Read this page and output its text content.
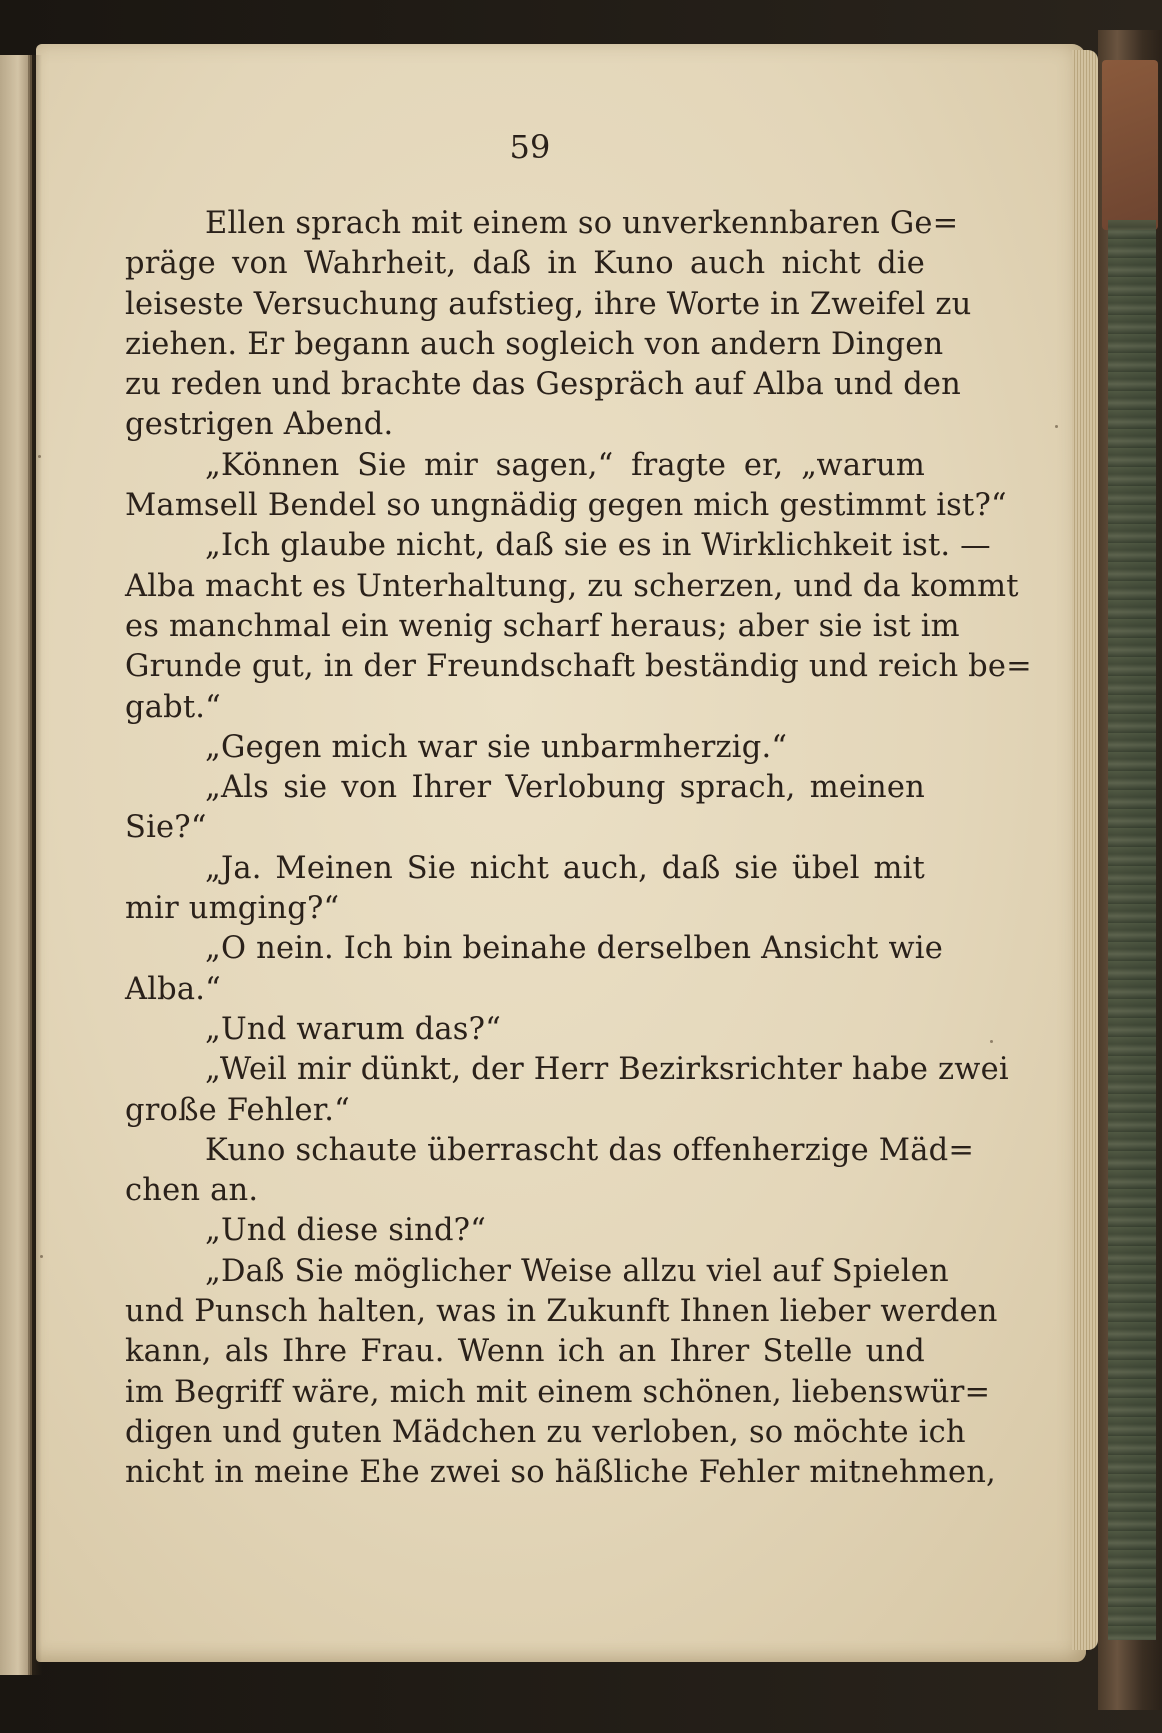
59
Ellen sprach mit einem so unverkennbaren Ge=
präge von Wahrheit, daß in Kuno auch nicht die
leiseste Versuchung aufstieg, ihre Worte in Zweifel zu
ziehen. Er begann auch sogleich von andern Dingen
zu reden und brachte das Gespräch auf Alba und den
gestrigen Abend.
„Können Sie mir sagen,“ fragte er, „warum
Mamsell Bendel so ungnädig gegen mich gestimmt ist?“
„Ich glaube nicht, daß sie es in Wirklichkeit ist. —
Alba macht es Unterhaltung, zu scherzen, und da kommt
es manchmal ein wenig scharf heraus; aber sie ist im
Grunde gut, in der Freundschaft beständig und reich be=
gabt.“
„Gegen mich war sie unbarmherzig.“
„Als sie von Ihrer Verlobung sprach, meinen
Sie?“
„Ja. Meinen Sie nicht auch, daß sie übel mit
mir umging?“
„O nein. Ich bin beinahe derselben Ansicht wie
Alba.“
„Und warum das?“
„Weil mir dünkt, der Herr Bezirksrichter habe zwei
große Fehler.“
Kuno schaute überrascht das offenherzige Mäd=
chen an.
„Und diese sind?“
„Daß Sie möglicher Weise allzu viel auf Spielen
und Punsch halten, was in Zukunft Ihnen lieber werden
kann, als Ihre Frau. Wenn ich an Ihrer Stelle und
im Begriff wäre, mich mit einem schönen, liebenswür=
digen und guten Mädchen zu verloben, so möchte ich
nicht in meine Ehe zwei so häßliche Fehler mitnehmen,
